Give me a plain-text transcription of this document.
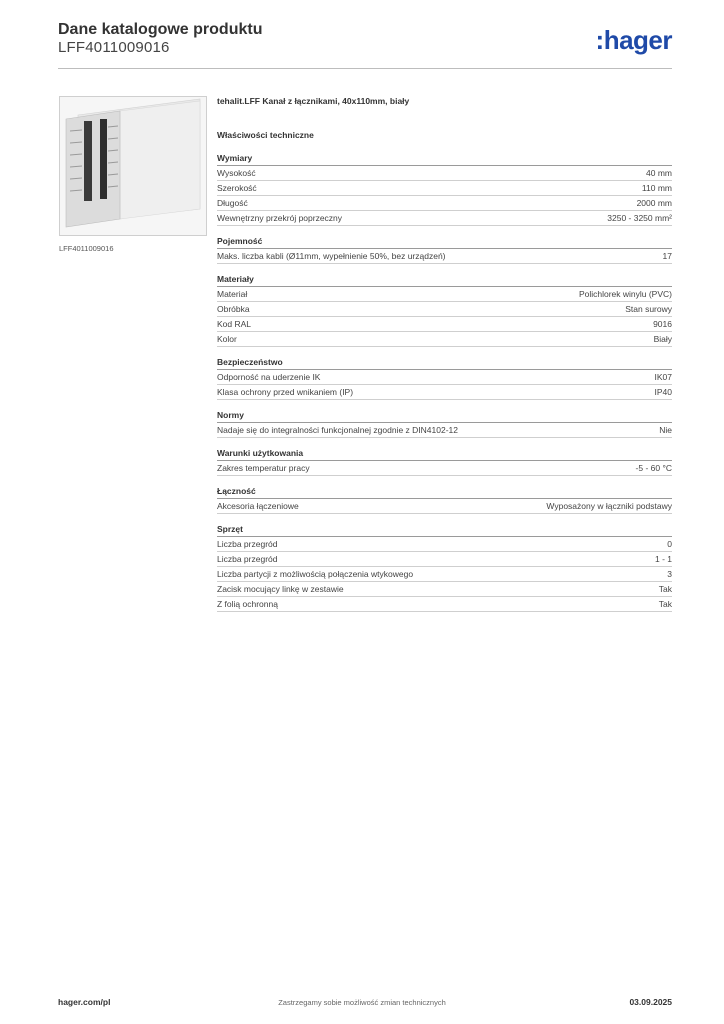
Dane katalogowe produktu
LFF4011009016	:hager
LFF4011009016
tehalit.LFF Kanał z łącznikami, 40x110mm, biały
Właściwości techniczne
Wymiary
Wysokość	40 mm
Szerokość	110 mm
Długość	2000 mm
Wewnętrzny przekrój poprzeczny	3250 - 3250 mm²
Pojemność
Maks. liczba kabli (Ø11mm, wypełnienie 50%, bez urządzeń)	17
Materiały
Materiał	Polichlorek winylu (PVC)
Obróbka	Stan surowy
Kod RAL	9016
Kolor	Biały
Bezpieczeństwo
Odporność na uderzenie IK	IK07
Klasa ochrony przed wnikaniem (IP)	IP40
Normy
Nadaje się do integralności funkcjonalnej zgodnie z DIN4102-12	Nie
Warunki użytkowania
Zakres temperatur pracy	-5 - 60 °C
Łączność
Akcesoria łączeniowe	Wyposażony w łączniki podstawy
Sprzęt
Liczba przegród	0
Liczba przegród	1 - 1
Liczba partycji z możliwością połączenia wtykowego	3
Zacisk mocujący linkę w zestawie	Tak
Z folią ochronną	Tak
hager.com/pl	Zastrzegamy sobie możliwość zmian technicznych	03.09.2025
